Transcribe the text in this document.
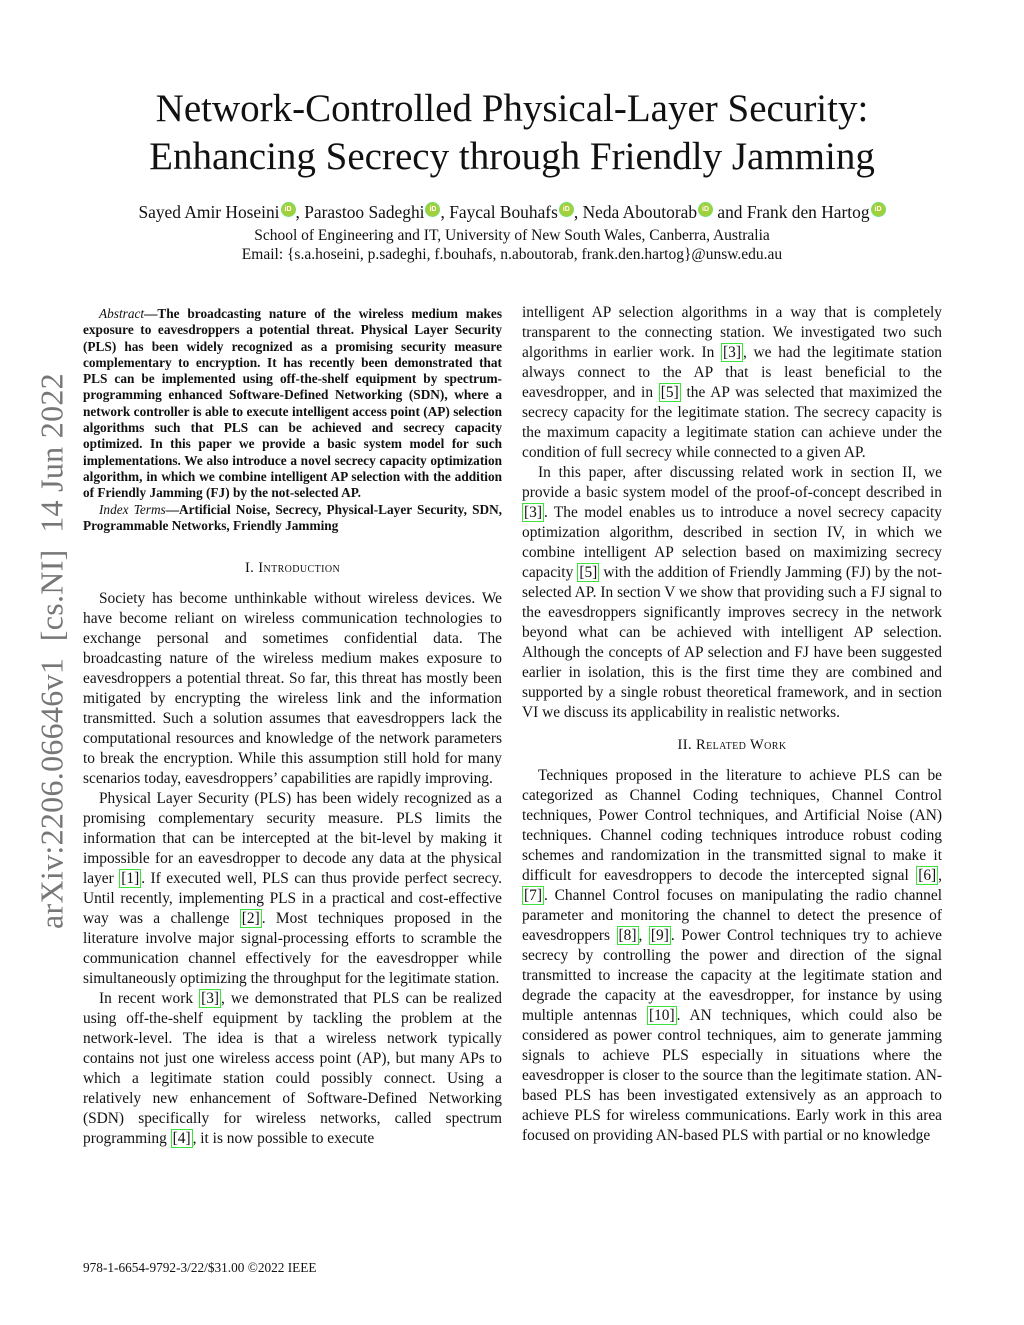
Network-Controlled Physical-Layer Security:
Enhancing Secrecy through Friendly Jamming
Sayed Amir Hoseini iD , Parastoo Sadeghi iD , Faycal Bouhafs iD , Neda Aboutorab iD and Frank den Hartog iD
School of Engineering and IT, University of New South Wales, Canberra, Australia
Email: {s.a.hoseini, p.sadeghi, f.bouhafs, n.aboutorab, frank.den.hartog}@unsw.edu.au
arXiv:2206.06646v1  [cs.NI]  14 Jun 2022

Abstract—The broadcasting nature of the wireless medium makes exposure to eavesdroppers a potential threat. Physical Layer Security (PLS) has been widely recognized as a promising security measure complementary to encryption. It has recently been demonstrated that PLS can be implemented using off-the-shelf equipment by spectrum-programming enhanced Software-Defined Networking (SDN), where a network controller is able to execute intelligent access point (AP) selection algorithms such that PLS can be achieved and secrecy capacity optimized. In this paper we provide a basic system model for such implementations. We also introduce a novel secrecy capacity optimization algorithm, in which we combine intelligent AP selection with the addition of Friendly Jamming (FJ) by the not-selected AP.

Index Terms—Artificial Noise, Secrecy, Physical-Layer Security, SDN, Programmable Networks, Friendly Jamming

I. Introduction

Society has become unthinkable without wireless devices. We have become reliant on wireless communication technologies to exchange personal and sometimes confidential data. The broadcasting nature of the wireless medium makes exposure to eavesdroppers a potential threat. So far, this threat has mostly been mitigated by encrypting the wireless link and the information transmitted. Such a solution assumes that eavesdroppers lack the computational resources and knowledge of the network parameters to break the encryption. While this assumption still hold for many scenarios today, eavesdroppers’ capabilities are rapidly improving.

Physical Layer Security (PLS) has been widely recognized as a promising complementary security measure. PLS limits the information that can be intercepted at the bit-level by making it impossible for an eavesdropper to decode any data at the physical layer [1] . If executed well, PLS can thus provide perfect secrecy. Until recently, implementing PLS in a practical and cost-effective way was a challenge [2] . Most techniques proposed in the literature involve major signal-processing efforts to scramble the communication channel effectively for the eavesdropper while simultaneously optimizing the throughput for the legitimate station.

In recent work [3] , we demonstrated that PLS can be realized using off-the-shelf equipment by tackling the problem at the network-level. The idea is that a wireless network typically contains not just one wireless access point (AP), but many APs to which a legitimate station could possibly connect. Using a relatively new enhancement of Software-Defined Networking (SDN) specifically for wireless networks, called spectrum programming [4] , it is now possible to execute

intelligent AP selection algorithms in a way that is completely transparent to the connecting station. We investigated two such algorithms in earlier work. In [3] , we had the legitimate station always connect to the AP that is least beneficial to the eavesdropper, and in [5] the AP was selected that maximized the secrecy capacity for the legitimate station. The secrecy capacity is the maximum capacity a legitimate station can achieve under the condition of full secrecy while connected to a given AP.

In this paper, after discussing related work in section II, we provide a basic system model of the proof-of-concept described in [3] . The model enables us to introduce a novel secrecy capacity optimization algorithm, described in section IV, in which we combine intelligent AP selection based on maximizing secrecy capacity [5] with the addition of Friendly Jamming (FJ) by the not-selected AP. In section V we show that providing such a FJ signal to the eavesdroppers significantly improves secrecy in the network beyond what can be achieved with intelligent AP selection. Although the concepts of AP selection and FJ have been suggested earlier in isolation, this is the first time they are combined and supported by a single robust theoretical framework, and in section VI we discuss its applicability in realistic networks.

II. Related Work

Techniques proposed in the literature to achieve PLS can be categorized as Channel Coding techniques, Channel Control techniques, Power Control techniques, and Artificial Noise (AN) techniques. Channel coding techniques introduce robust coding schemes and randomization in the transmitted signal to make it difficult for eavesdroppers to decode the intercepted signal [6] , [7] . Channel Control focuses on manipulating the radio channel parameter and monitoring the channel to detect the presence of eavesdroppers [8] , [9] . Power Control techniques try to achieve secrecy by controlling the power and direction of the signal transmitted to increase the capacity at the legitimate station and degrade the capacity at the eavesdropper, for instance by using multiple antennas [10] . AN techniques, which could also be considered as power control techniques, aim to generate jamming signals to achieve PLS especially in situations where the eavesdropper is closer to the source than the legitimate station. AN-based PLS has been investigated extensively as an approach to achieve PLS for wireless communications. Early work in this area focused on providing AN-based PLS with partial or no knowledge

978-1-6654-9792-3/22/$31.00 ©2022 IEEE
